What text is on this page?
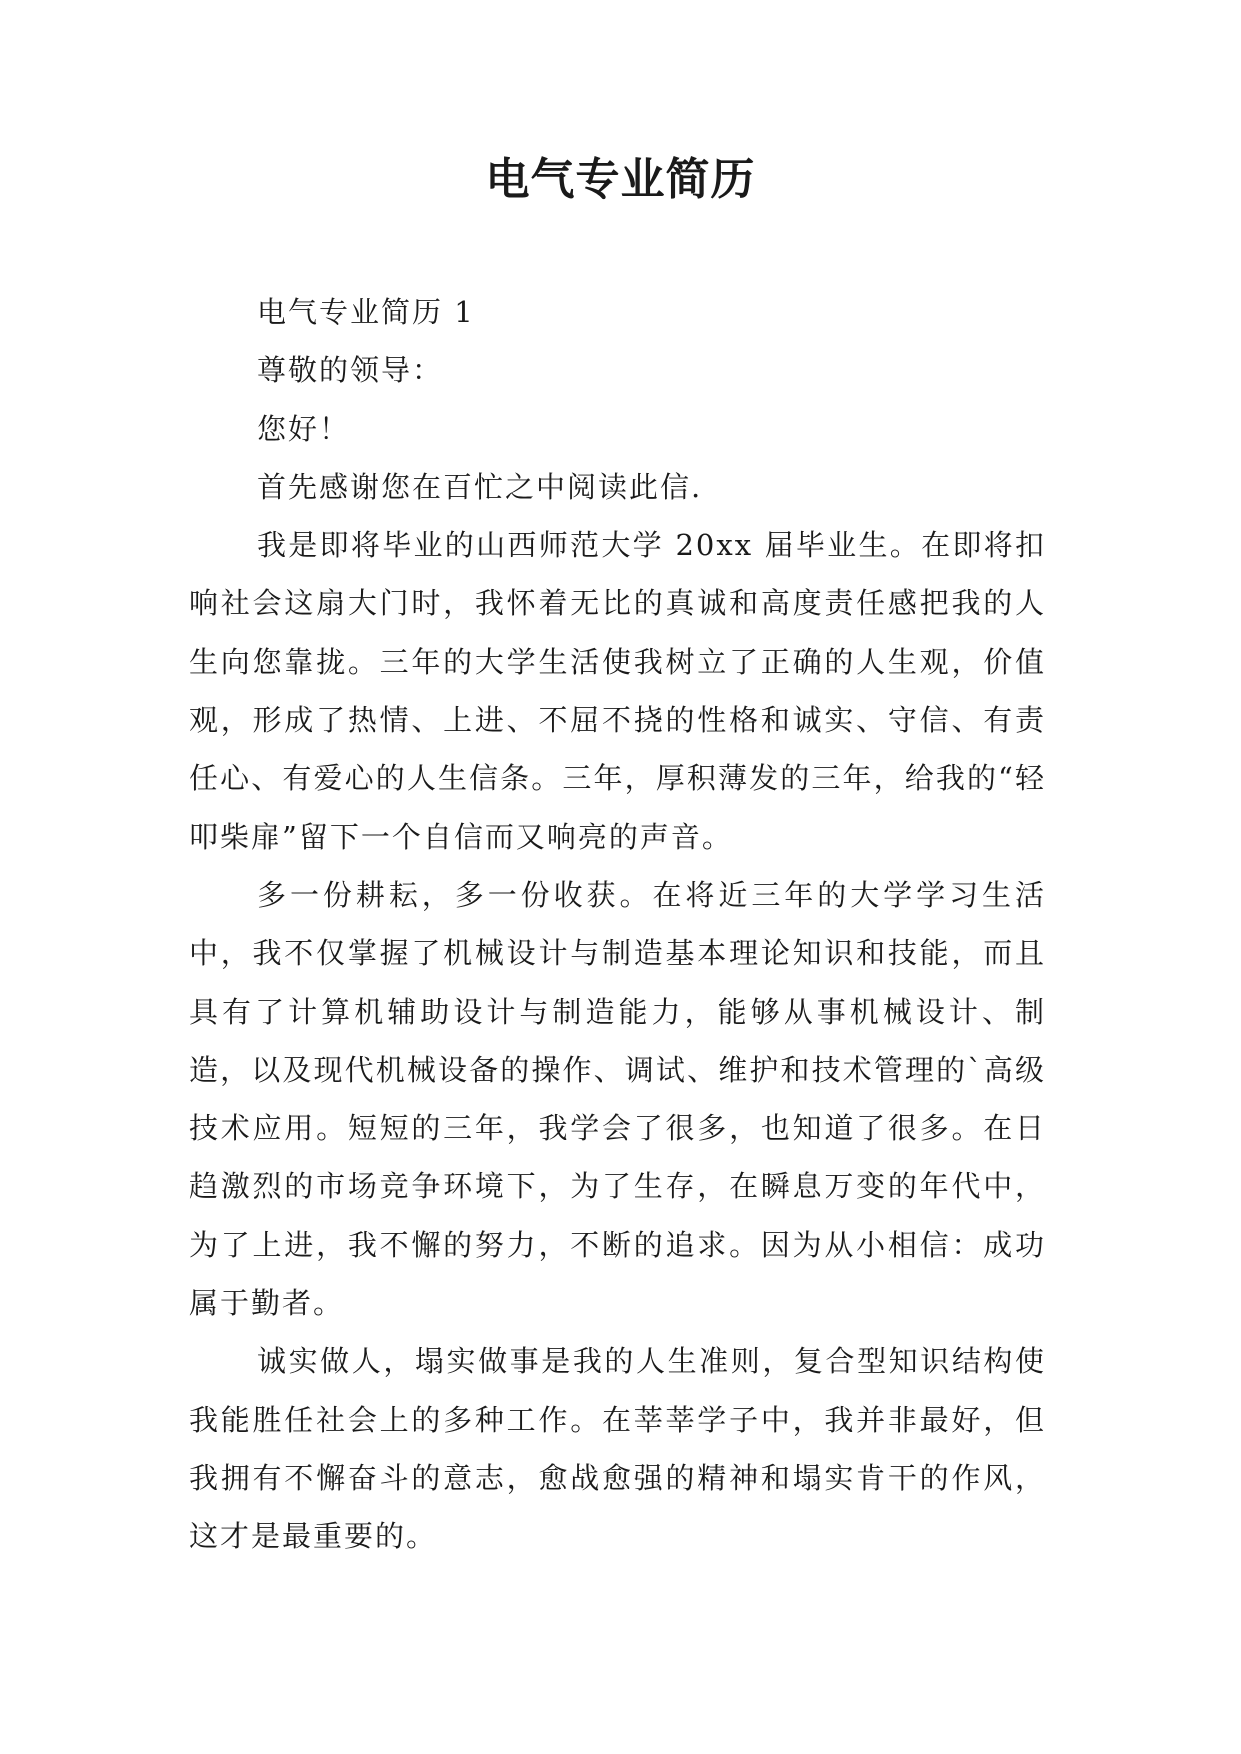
电气专业简历

电气专业简历 1

尊敬的领导：

您好！

首先感谢您在百忙之中阅读此信.

我是即将毕业的山西师范大学 20xx 届毕业生。在即将扣响社会这扇大门时，我怀着无比的真诚和高度责任感把我的人生向您靠拢。三年的大学生活使我树立了正确的人生观，价值观，形成了热情、上进、不屈不挠的性格和诚实、守信、有责任心、有爱心的人生信条。三年，厚积薄发的三年，给我的“轻叩柴扉”留下一个自信而又响亮的声音。

多一份耕耘，多一份收获。在将近三年的大学学习生活中，我不仅掌握了机械设计与制造基本理论知识和技能，而且具有了计算机辅助设计与制造能力，能够从事机械设计、制造，以及现代机械设备的操作、调试、维护和技术管理的`高级技术应用。短短的三年，我学会了很多，也知道了很多。在日趋激烈的市场竞争环境下，为了生存，在瞬息万变的年代中，为了上进，我不懈的努力，不断的追求。因为从小相信：成功属于勤者。

诚实做人，塌实做事是我的人生准则，复合型知识结构使我能胜任社会上的多种工作。在莘莘学子中，我并非最好，但我拥有不懈奋斗的意志，愈战愈强的精神和塌实肯干的作风，这才是最重要的。
